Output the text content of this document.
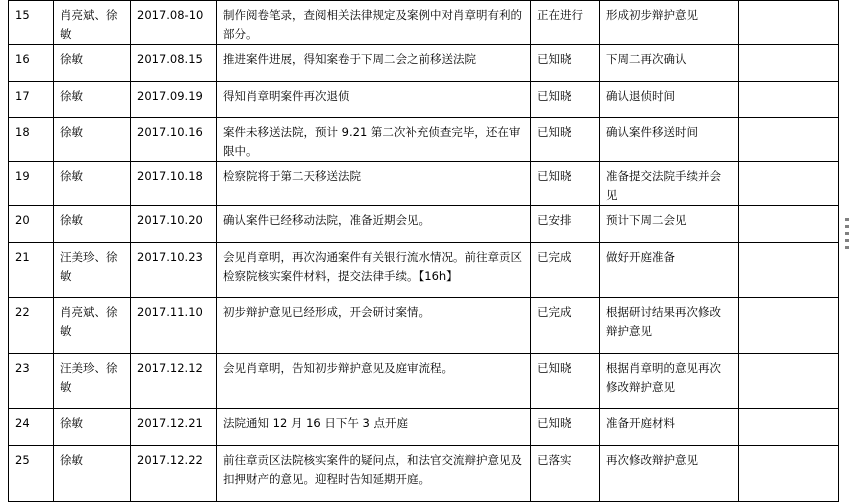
15	肖亮斌、徐敏	2017.08-10	制作阅卷笔录，查阅相关法律规定及案例中对肖章明有利的部分。	正在进行	形成初步辩护意见	
16	徐敏	2017.08.15	推进案件进展，得知案卷于下周二会之前移送法院	已知晓	下周二再次确认	
17	徐敏	2017.09.19	得知肖章明案件再次退侦	已知晓	确认退侦时间	
18	徐敏	2017.10.16	案件未移送法院，预计 9.21 第二次补充侦查完毕，还在审限中。	已知晓	确认案件移送时间	
19	徐敏	2017.10.18	检察院将于第二天移送法院	已知晓	准备提交法院手续并会见	
20	徐敏	2017.10.20	确认案件已经移动法院，准备近期会见。	已安排	预计下周二会见	
21	汪美珍、徐敏	2017.10.23	会见肖章明，再次沟通案件有关银行流水情况。前往章贡区检察院核实案件材料，提交法律手续。【16h】	已完成	做好开庭准备	
22	肖亮斌、徐敏	2017.11.10	初步辩护意见已经形成，开会研讨案情。	已完成	根据研讨结果再次修改辩护意见	
23	汪美珍、徐敏	2017.12.12	会见肖章明，告知初步辩护意见及庭审流程。	已知晓	根据肖章明的意见再次修改辩护意见	
24	徐敏	2017.12.21	法院通知 12 月 16 日下午 3 点开庭	已知晓	准备开庭材料	
25	徐敏	2017.12.22	前往章贡区法院核实案件的疑问点，和法官交流辩护意见及扣押财产的意见。迎程时告知延期开庭。	已落实	再次修改辩护意见	
